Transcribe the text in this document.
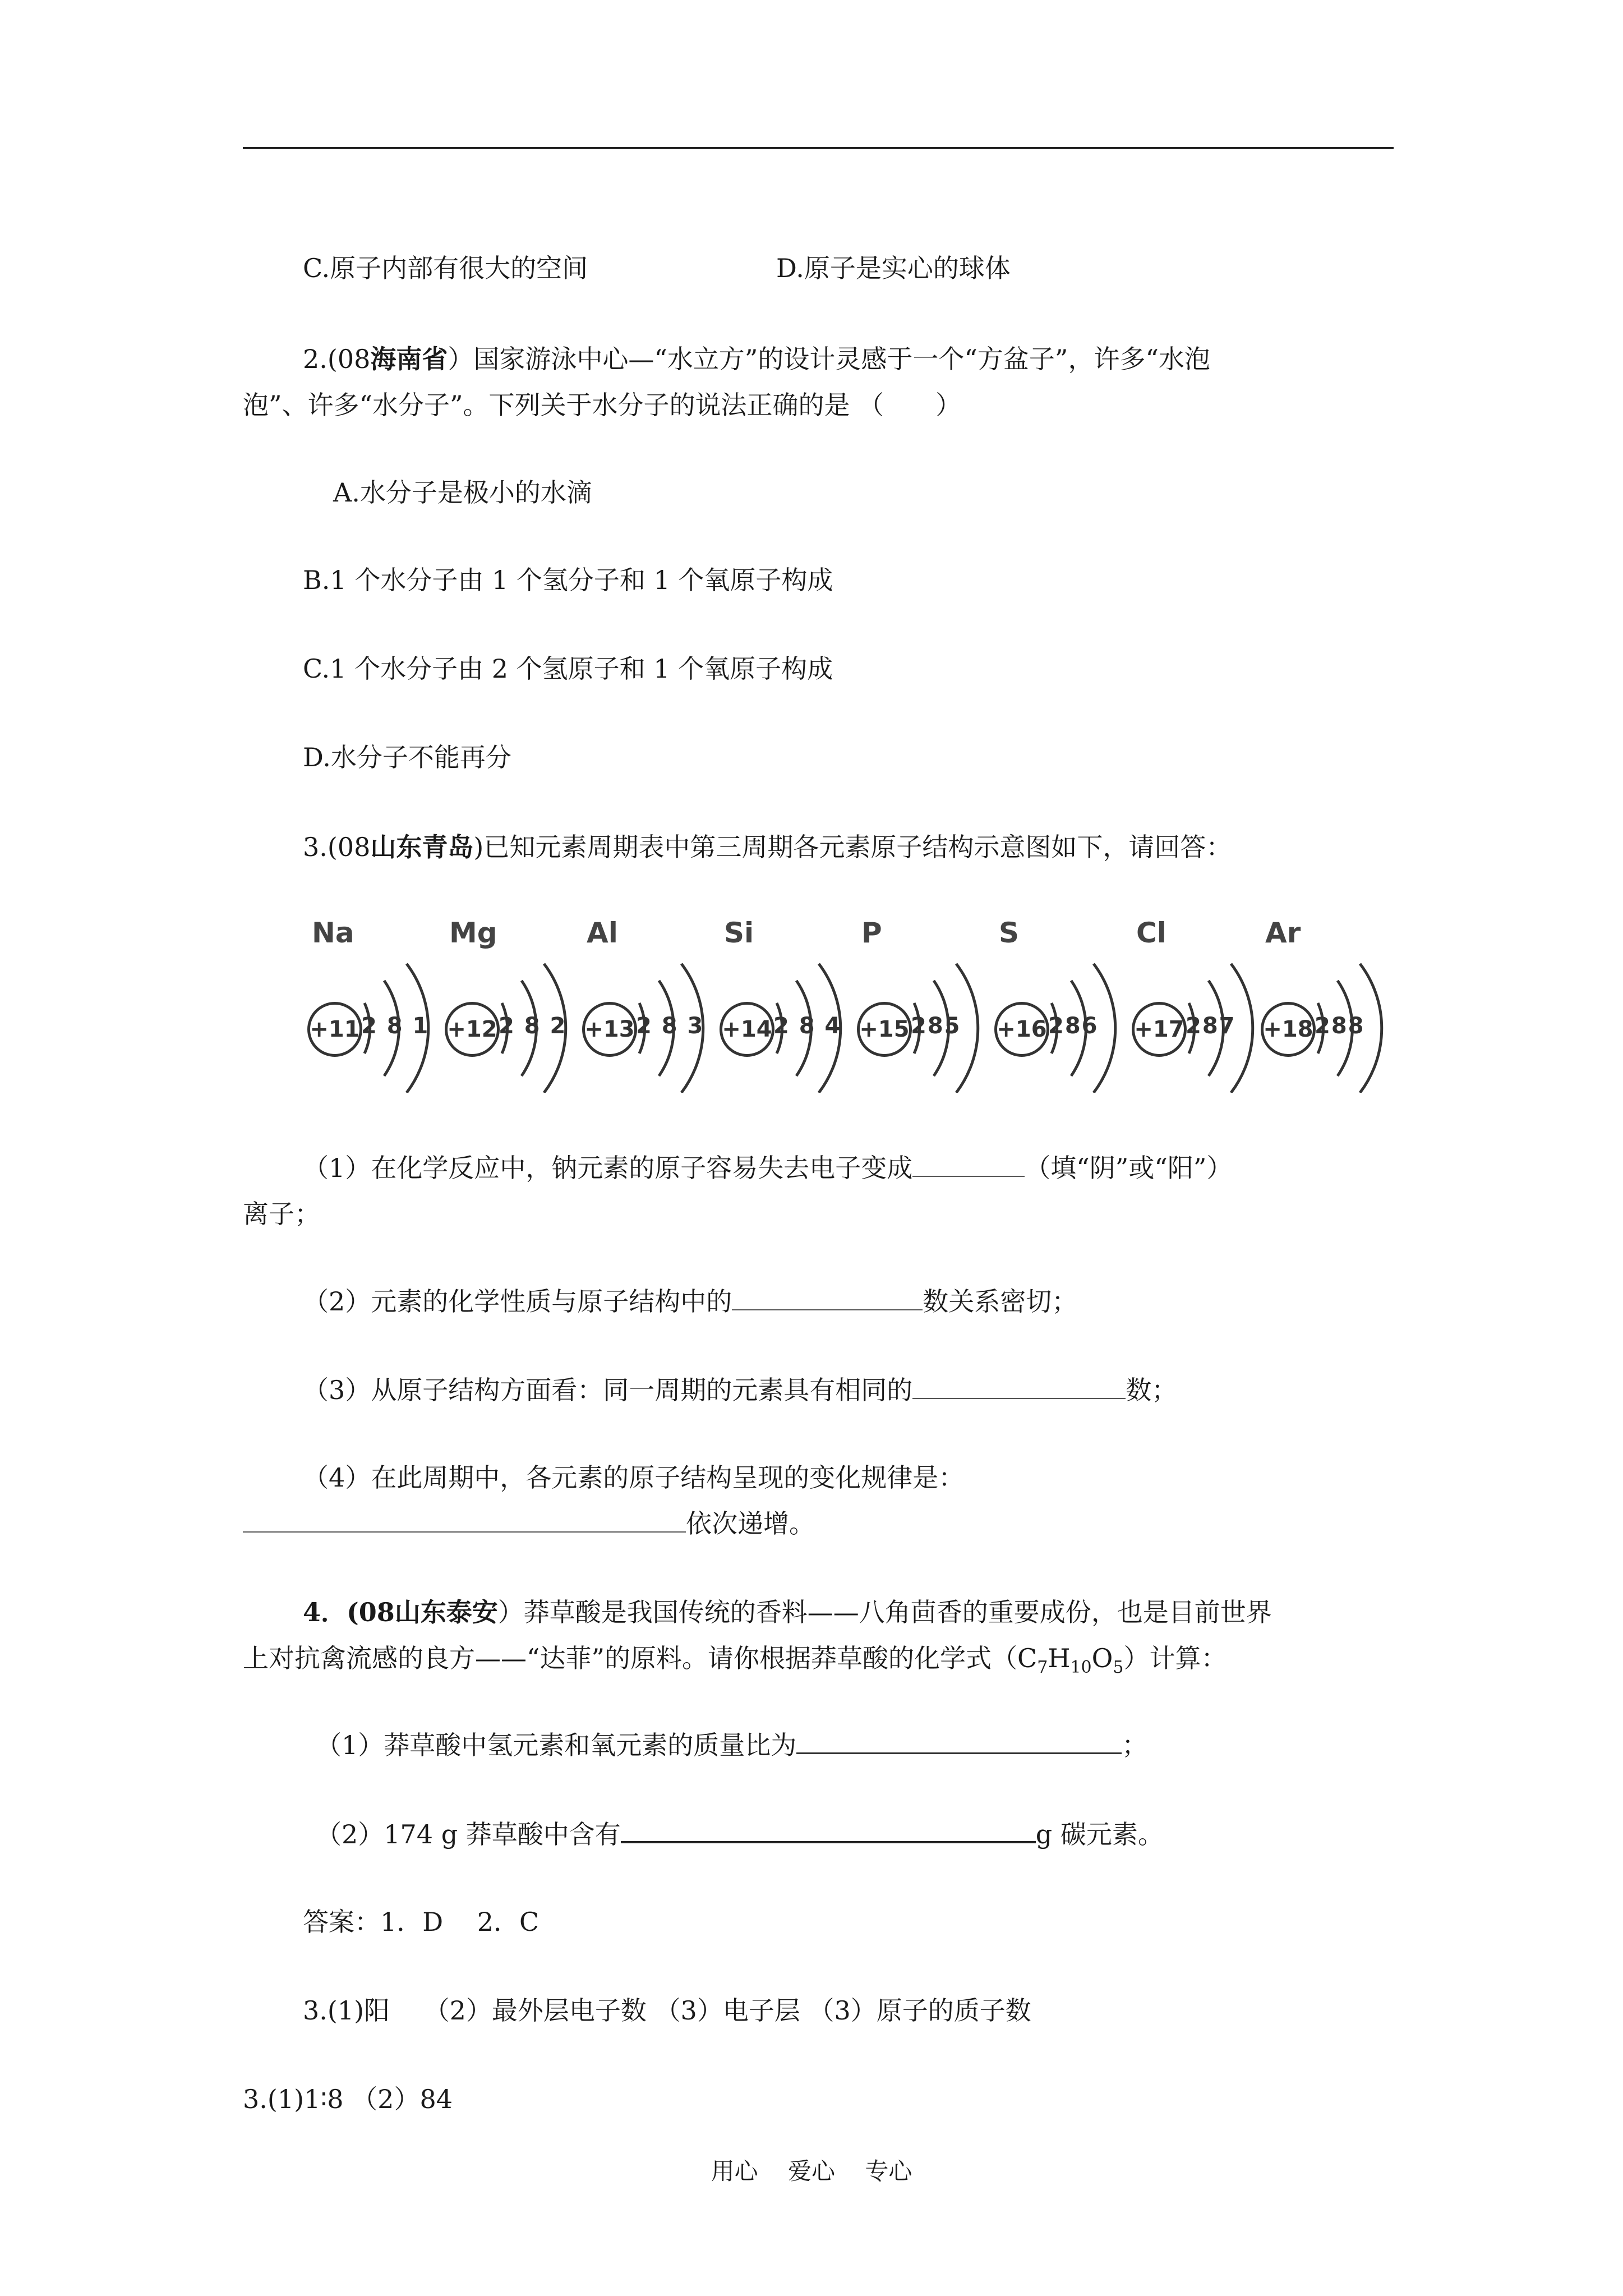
C.原子内部有很大的空间	D.原子是实心的球体
2.(08海南省）国家游泳中心—“水立方”的设计灵感于一个“方盆子”，许多“水泡
泡”、许多“水分子”。下列关于水分子的说法正确的是 （　　）
A.水分子是极小的水滴
B.1 个水分子由 1 个氢分子和 1 个氧原子构成
C.1 个水分子由 2 个氢原子和 1 个氧原子构成
D.水分子不能再分
3.(08山东青岛)已知元素周期表中第三周期各元素原子结构示意图如下，请回答：
Na
+11 2 8 1
Mg
+12 2 8 2
Al
+13 2 8 3
Si
+14 2 8 4
P
+15 285
S
+16 286
Cl
+17 287
Ar
+18 288
（1）在化学反应中，钠元素的原子容易失去电子变成	（填“阴”或“阳”）
离子；
（2）元素的化学性质与原子结构中的	数关系密切；
（3）从原子结构方面看：同一周期的元素具有相同的	数；
（4）在此周期中，各元素的原子结构呈现的变化规律是：
依次递增。
4．(08山东泰安）莽草酸是我国传统的香料——八角茴香的重要成份，也是目前世界
上对抗禽流感的良方——“达菲”的原料。请你根据莽草酸的化学式$(C_7H_{10}O_5)$计算：
（1）莽草酸中氢元素和氧元素的质量比为	；
（2）174 g 莽草酸中含有	g 碳元素。
答案：1．D　 2．C
3.(1)阳　 （2）最外层电子数 （3）电子层 （3）原子的质子数
3.(1)1∶8 （2）84
用心 爱心 专心
